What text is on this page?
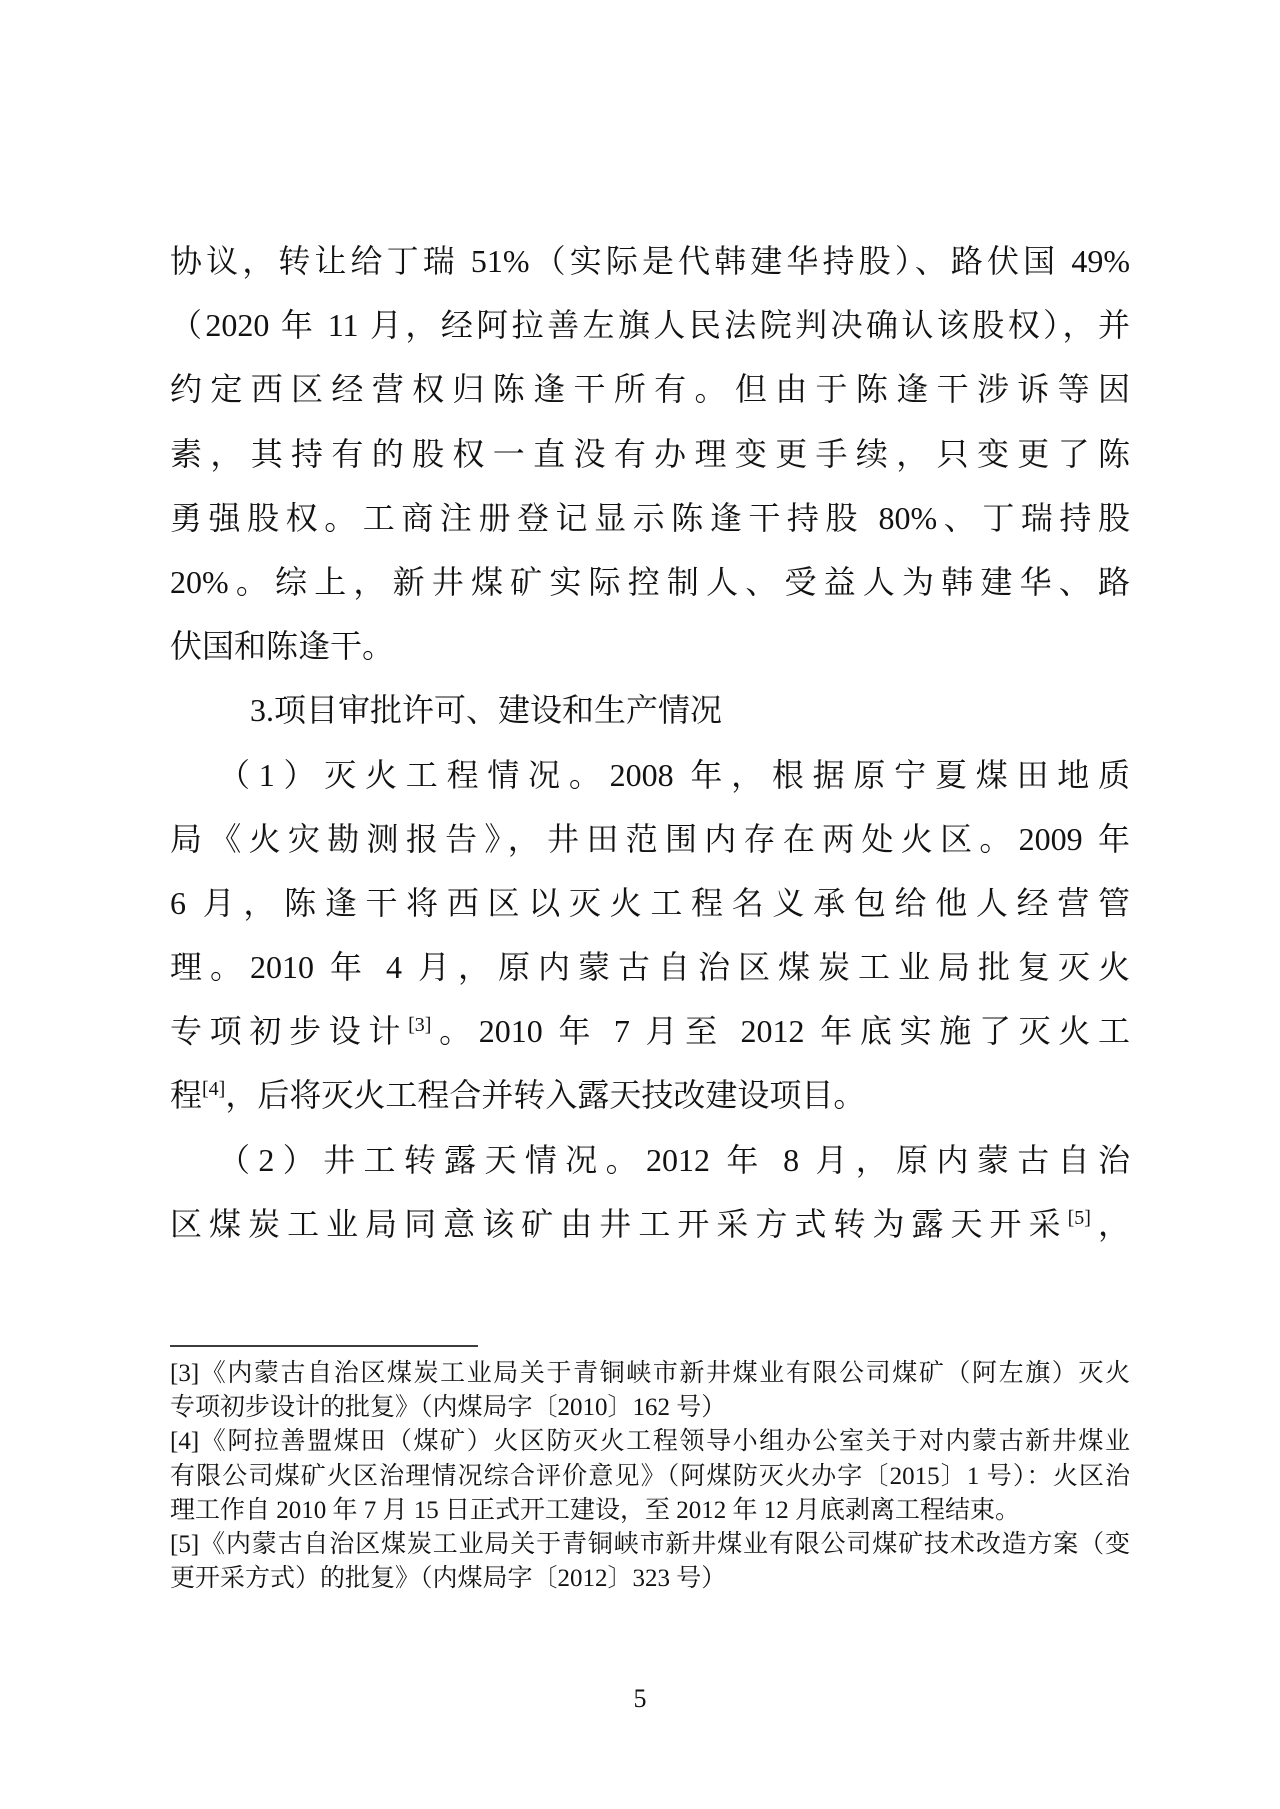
协议，转让给丁瑞 51%（实际是代韩建华持股）、路伏国 49%
（2020 年 11 月，经阿拉善左旗人民法院判决确认该股权），并
约定西区经营权归陈逢干所有。但由于陈逢干涉诉等因
素，其持有的股权一直没有办理变更手续，只变更了陈
勇强股权。工商注册登记显示陈逢干持股 80%、丁瑞持股
20%。综上，新井煤矿实际控制人、受益人为韩建华、路
伏国和陈逢干。
3.项目审批许可、建设和生产情况
（1）灭火工程情况。2008 年，根据原宁夏煤田地质
局《火灾勘测报告》，井田范围内存在两处火区。2009 年
6 月，陈逢干将西区以灭火工程名义承包给他人经营管
理。2010 年 4 月，原内蒙古自治区煤炭工业局批复灭火
专项初步设计[3]。2010 年 7 月至 2012 年底实施了灭火工
程[4]，后将灭火工程合并转入露天技改建设项目。
（2）井工转露天情况。2012 年 8 月，原内蒙古自治
区煤炭工业局同意该矿由井工开采方式转为露天开采[5]，
[3]《内蒙古自治区煤炭工业局关于青铜峡市新井煤业有限公司煤矿（阿左旗）灭火
专项初步设计的批复》（内煤局字〔2010〕162 号）
[4]《阿拉善盟煤田（煤矿）火区防灭火工程领导小组办公室关于对内蒙古新井煤业
有限公司煤矿火区治理情况综合评价意见》（阿煤防灭火办字〔2015〕1 号）：火区治
理工作自 2010 年 7 月 15 日正式开工建设，至 2012 年 12 月底剥离工程结束。
[5]《内蒙古自治区煤炭工业局关于青铜峡市新井煤业有限公司煤矿技术改造方案（变
更开采方式）的批复》（内煤局字〔2012〕323 号）
5
